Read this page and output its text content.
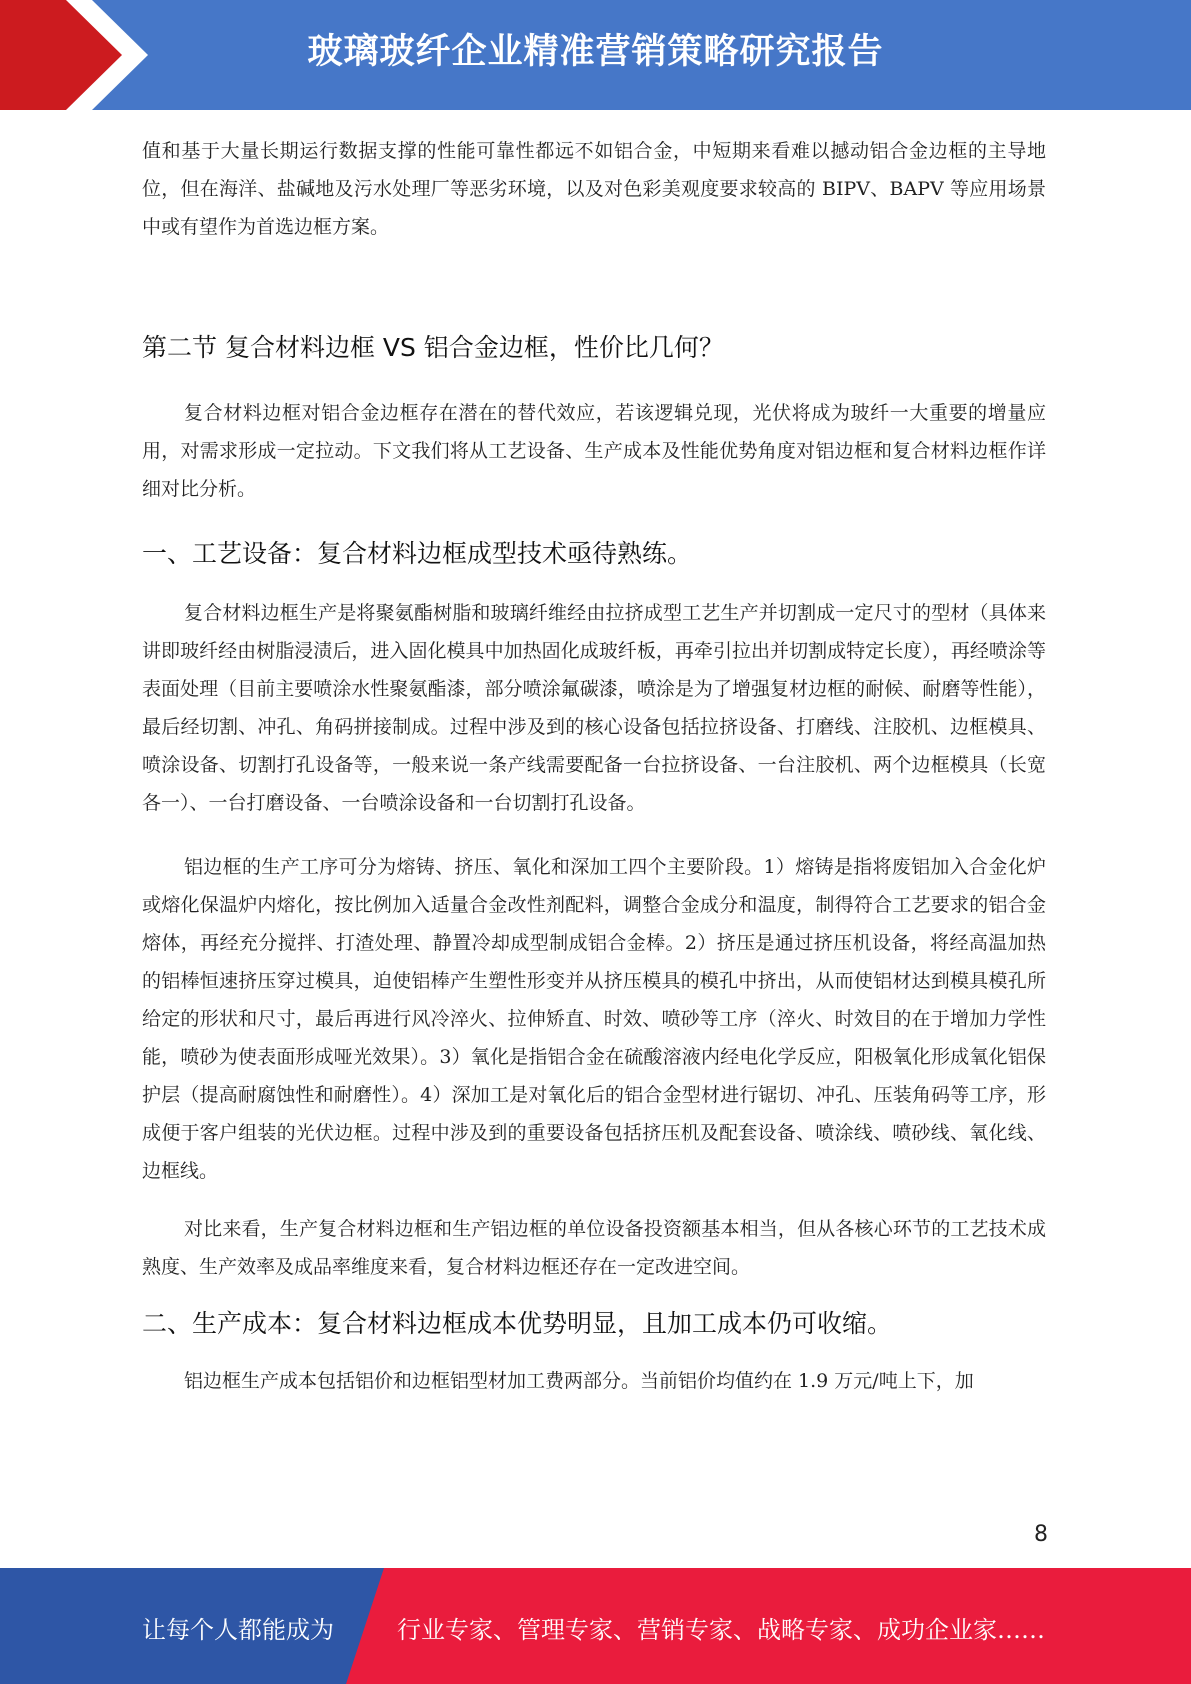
玻璃玻纤企业精准营销策略研究报告

值和基于大量长期运行数据支撑的性能可靠性都远不如铝合金，中短期来看难以撼动铝合金边框的主导地位，但在海洋、盐碱地及污水处理厂等恶劣环境，以及对色彩美观度要求较高的 BIPV、BAPV 等应用场景中或有望作为首选边框方案。

第二节 复合材料边框 VS 铝合金边框，性价比几何？

复合材料边框对铝合金边框存在潜在的替代效应，若该逻辑兑现，光伏将成为玻纤一大重要的增量应用，对需求形成一定拉动。下文我们将从工艺设备、生产成本及性能优势角度对铝边框和复合材料边框作详细对比分析。

一、工艺设备：复合材料边框成型技术亟待熟练。

复合材料边框生产是将聚氨酯树脂和玻璃纤维经由拉挤成型工艺生产并切割成一定尺寸的型材（具体来讲即玻纤经由树脂浸渍后，进入固化模具中加热固化成玻纤板，再牵引拉出并切割成特定长度），再经喷涂等表面处理（目前主要喷涂水性聚氨酯漆，部分喷涂氟碳漆，喷涂是为了增强复材边框的耐候、耐磨等性能），最后经切割、冲孔、角码拼接制成。过程中涉及到的核心设备包括拉挤设备、打磨线、注胶机、边框模具、喷涂设备、切割打孔设备等，一般来说一条产线需要配备一台拉挤设备、一台注胶机、两个边框模具（长宽各一）、一台打磨设备、一台喷涂设备和一台切割打孔设备。

铝边框的生产工序可分为熔铸、挤压、氧化和深加工四个主要阶段。1）熔铸是指将废铝加入合金化炉或熔化保温炉内熔化，按比例加入适量合金改性剂配料，调整合金成分和温度，制得符合工艺要求的铝合金熔体，再经充分搅拌、打渣处理、静置冷却成型制成铝合金棒。2）挤压是通过挤压机设备，将经高温加热的铝棒恒速挤压穿过模具，迫使铝棒产生塑性形变并从挤压模具的模孔中挤出，从而使铝材达到模具模孔所给定的形状和尺寸，最后再进行风冷淬火、拉伸矫直、时效、喷砂等工序（淬火、时效目的在于增加力学性能，喷砂为使表面形成哑光效果）。3）氧化是指铝合金在硫酸溶液内经电化学反应，阳极氧化形成氧化铝保护层（提高耐腐蚀性和耐磨性）。4）深加工是对氧化后的铝合金型材进行锯切、冲孔、压装角码等工序，形成便于客户组装的光伏边框。过程中涉及到的重要设备包括挤压机及配套设备、喷涂线、喷砂线、氧化线、边框线。

对比来看，生产复合材料边框和生产铝边框的单位设备投资额基本相当，但从各核心环节的工艺技术成熟度、生产效率及成品率维度来看，复合材料边框还存在一定改进空间。

二、生产成本：复合材料边框成本优势明显，且加工成本仍可收缩。

铝边框生产成本包括铝价和边框铝型材加工费两部分。当前铝价均值约在 1.9 万元/吨上下，加

8
让每个人都能成为	行业专家、管理专家、营销专家、战略专家、成功企业家……
